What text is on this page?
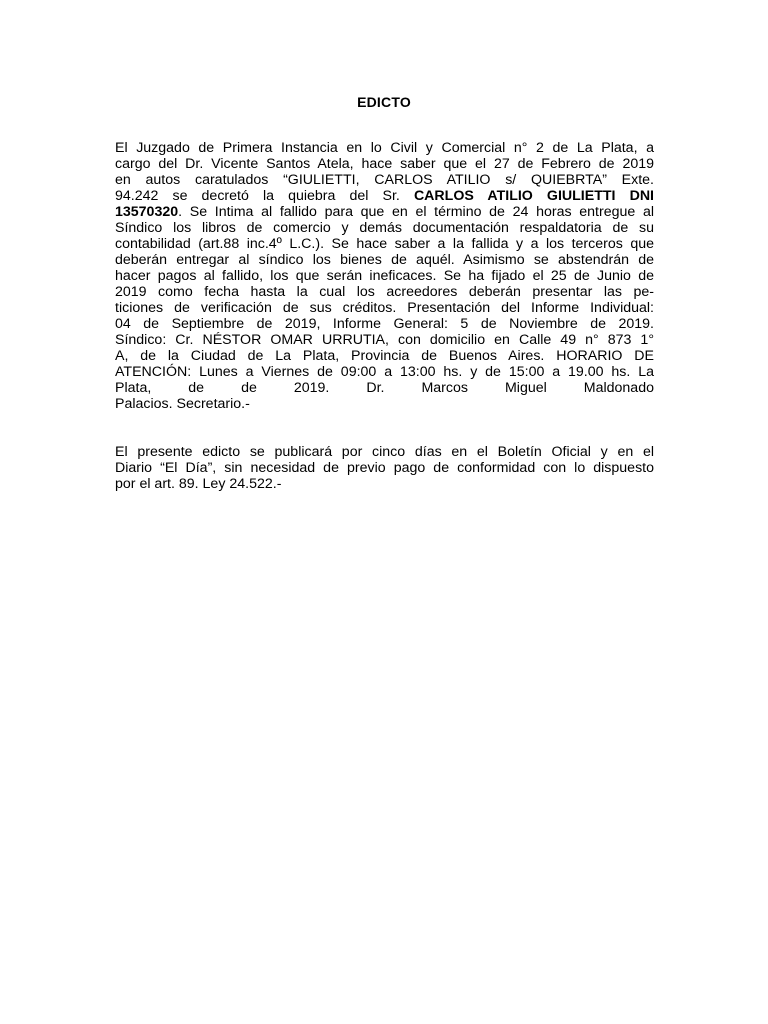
EDICTO
El Juzgado de Primera Instancia en lo Civil y Comercial n° 2 de La Plata, a
cargo del Dr. Vicente Santos Atela, hace saber que el 27 de Febrero de 2019
en autos caratulados “GIULIETTI, CARLOS ATILIO s/ QUIEBRTA” Exte.
94.242 se decretó la quiebra del Sr. CARLOS ATILIO GIULIETTI DNI
13570320. Se Intima al fallido para que en el término de 24 horas entregue al
Síndico los libros de comercio y demás documentación respaldatoria de su
contabilidad (art.88 inc.4º L.C.). Se hace saber a la fallida y a los terceros que
deberán entregar al síndico los bienes de aquél. Asimismo se abstendrán de
hacer pagos al fallido, los que serán ineficaces. Se ha fijado el 25 de Junio de
2019 como fecha hasta la cual los acreedores deberán presentar las pe-
ticiones de verificación de sus créditos. Presentación del Informe Individual:
04 de Septiembre de 2019, Informe General: 5 de Noviembre de 2019.
Síndico: Cr. NÉSTOR OMAR URRUTIA, con domicilio en Calle 49 n° 873 1°
A, de la Ciudad de La Plata, Provincia de Buenos Aires. HORARIO DE
ATENCIÓN: Lunes a Viernes de 09:00 a 13:00 hs. y de 15:00 a 19.00 hs. La
Plata,	de	de 2019. Dr. Marcos Miguel Maldonado
Palacios. Secretario.-
El presente edicto se publicará por cinco días en el Boletín Oficial y en el
Diario “El Día”, sin necesidad de previo pago de conformidad con lo dispuesto
por el art. 89. Ley 24.522.-
